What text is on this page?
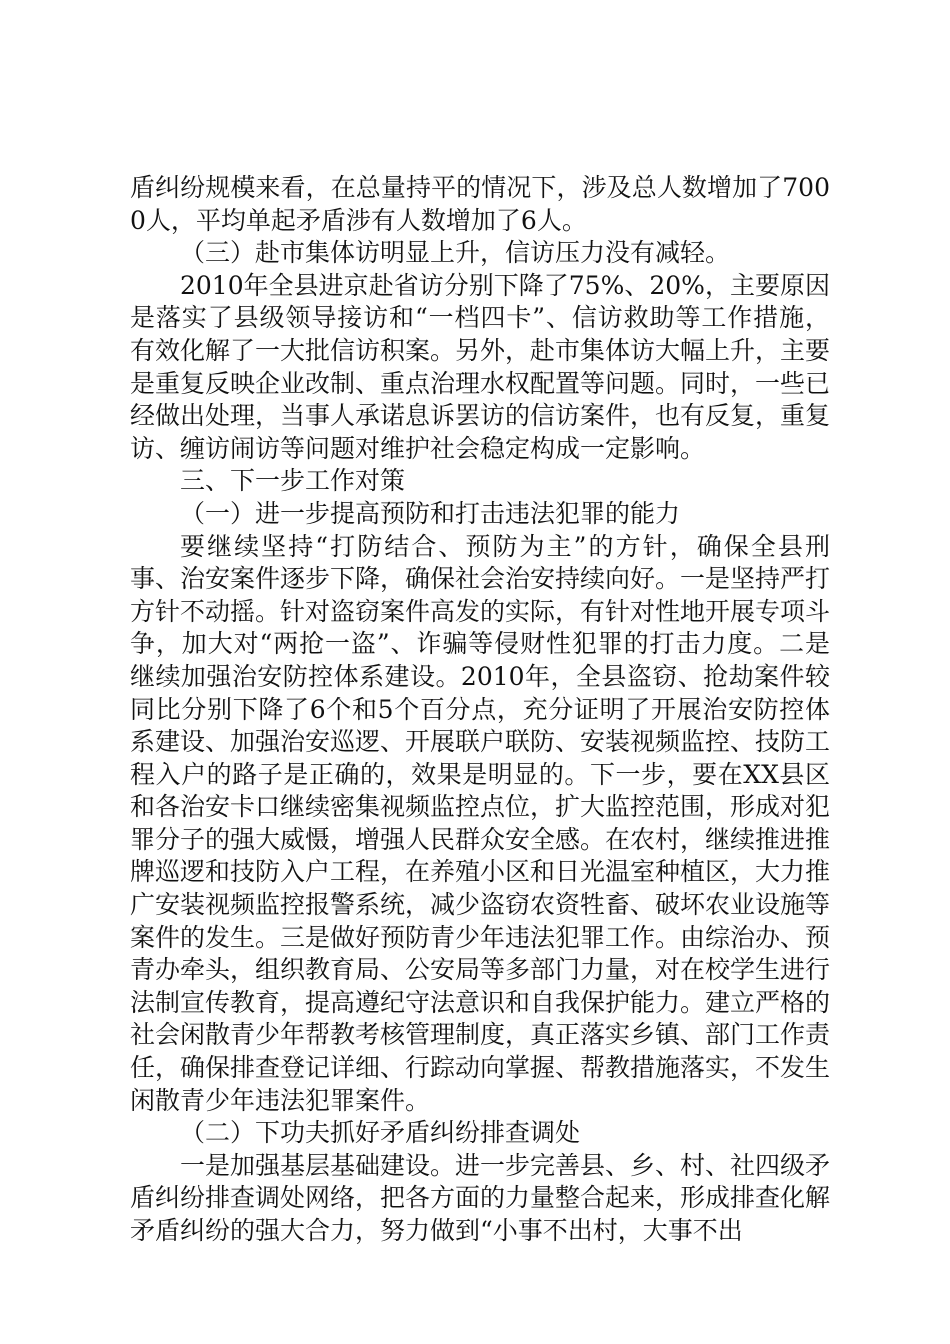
盾纠纷规模来看，在总量持平的情况下，涉及总人数增加了7000人，平均单起矛盾涉有人数增加了6人。

（三）赴市集体访明显上升，信访压力没有减轻。

2010年全县进京赴省访分别下降了75%、20%，主要原因是落实了县级领导接访和“一档四卡”、信访救助等工作措施，有效化解了一大批信访积案。另外，赴市集体访大幅上升，主要是重复反映企业改制、重点治理水权配置等问题。同时，一些已经做出处理，当事人承诺息诉罢访的信访案件，也有反复，重复访、缠访闹访等问题对维护社会稳定构成一定影响。

三、下一步工作对策

（一）进一步提高预防和打击违法犯罪的能力

要继续坚持“打防结合、预防为主”的方针，确保全县刑事、治安案件逐步下降，确保社会治安持续向好。一是坚持严打方针不动摇。针对盗窃案件高发的实际，有针对性地开展专项斗争，加大对“两抢一盗”、诈骗等侵财性犯罪的打击力度。二是继续加强治安防控体系建设。2010年，全县盗窃、抢劫案件较同比分别下降了6个和5个百分点，充分证明了开展治安防控体系建设、加强治安巡逻、开展联户联防、安装视频监控、技防工程入户的路子是正确的，效果是明显的。下一步，要在XX县区和各治安卡口继续密集视频监控点位，扩大监控范围，形成对犯罪分子的强大威慑，增强人民群众安全感。在农村，继续推进推牌巡逻和技防入户工程，在养殖小区和日光温室种植区，大力推广安装视频监控报警系统，减少盗窃农资牲畜、破坏农业设施等案件的发生。三是做好预防青少年违法犯罪工作。由综治办、预青办牵头，组织教育局、公安局等多部门力量，对在校学生进行法制宣传教育，提高遵纪守法意识和自我保护能力。建立严格的社会闲散青少年帮教考核管理制度，真正落实乡镇、部门工作责任，确保排查登记详细、行踪动向掌握、帮教措施落实，不发生闲散青少年违法犯罪案件。

（二）下功夫抓好矛盾纠纷排查调处

一是加强基层基础建设。进一步完善县、乡、村、社四级矛盾纠纷排查调处网络，把各方面的力量整合起来，形成排查化解矛盾纠纷的强大合力，努力做到“小事不出村，大事不出
